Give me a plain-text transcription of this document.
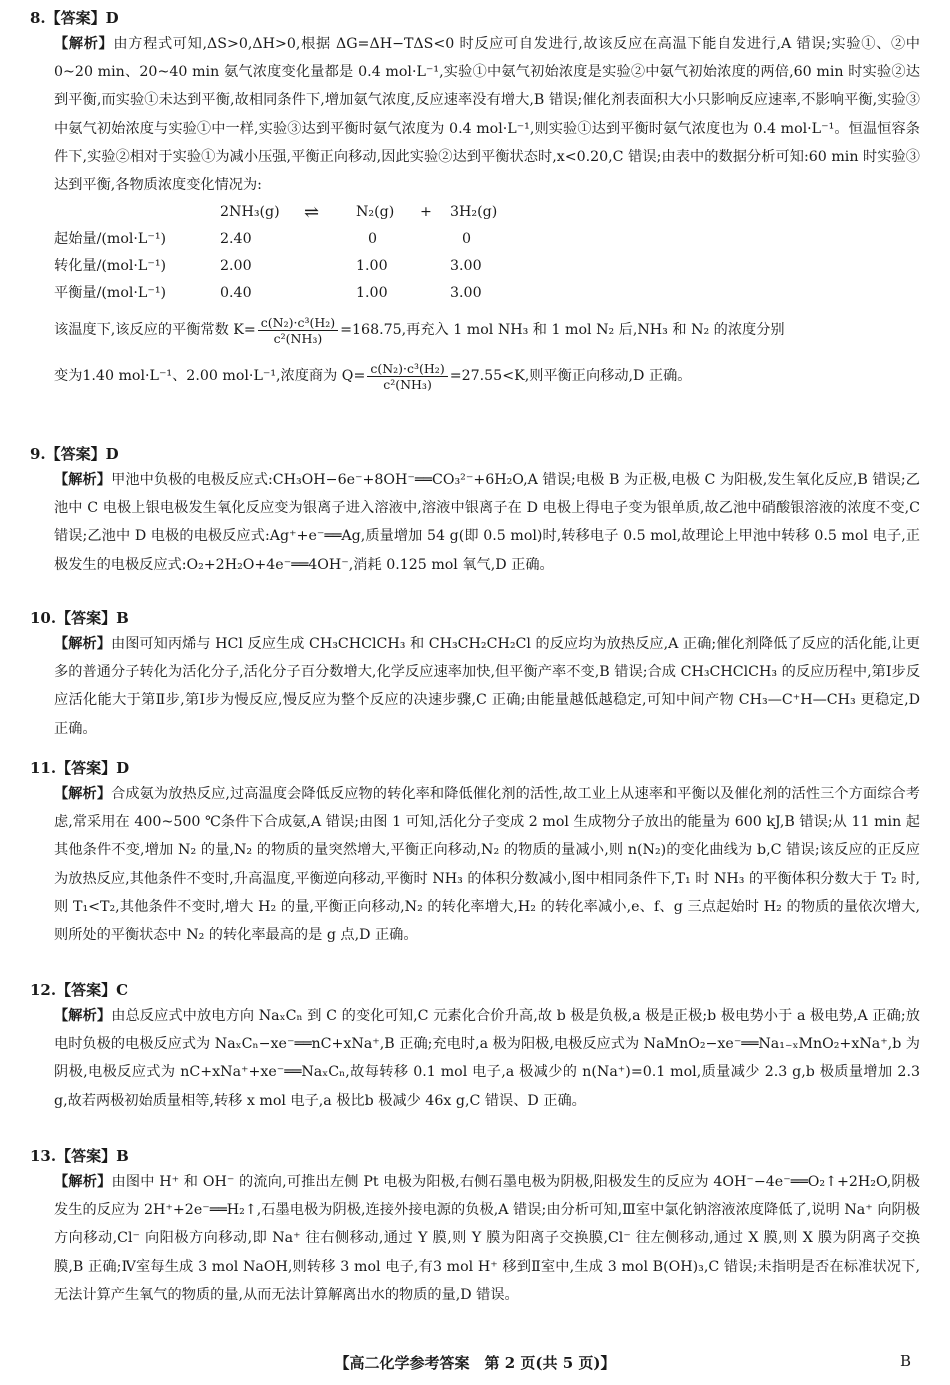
8.【答案】D
【解析】由方程式可知,ΔS>0,ΔH>0,根据 ΔG=ΔH−TΔS<0 时反应可自发进行,故该反应在高温下能自发进行,A 错误;实验①、②中 0~20 min、20~40 min 氨气浓度变化量都是 0.4 mol·L⁻¹,实验①中氨气初始浓度是实验②中氨气初始浓度的两倍,60 min 时实验②达到平衡,而实验①未达到平衡,故相同条件下,增加氨气浓度,反应速率没有增大,B 错误;催化剂表面积大小只影响反应速率,不影响平衡,实验③中氨气初始浓度与实验①中一样,实验③达到平衡时氨气浓度为 0.4 mol·L⁻¹,则实验①达到平衡时氨气浓度也为 0.4 mol·L⁻¹。恒温恒容条件下,实验②相对于实验①为减小压强,平衡正向移动,因此实验②达到平衡状态时,x<0.20,C 错误;由表中的数据分析可知:60 min 时实验③达到平衡,各物质浓度变化情况为:
2NH₃(g) ⇌	N₂(g) + 3H₂(g)
起始量/(mol·L⁻¹)	2.40	0	0
转化量/(mol·L⁻¹)	2.00	1.00	3.00
平衡量/(mol·L⁻¹)	0.40	1.00	3.00
该温度下,该反应的平衡常数 $K= \frac{\text{c(N₂)·c³(H₂)}}{\text{c²(NH₃)}} =168.75$,再充入 1 mol NH₃ 和 1 mol N₂ 后,NH₃ 和 N₂ 的浓度分别
变为1.40 mol·L⁻¹、2.00 mol·L⁻¹,浓度商为 $Q= \frac{\text{c(N₂)·c³(H₂)}}{\text{c²(NH₃)}} =27.55<K$,则平衡正向移动,D 正确。
9.【答案】D
【解析】甲池中负极的电极反应式:CH₃OH−6e⁻+8OH⁻══CO₃²⁻+6H₂O,A 错误;电极 B 为正极,电极 C 为阳极,发生氧化反应,B 错误;乙池中 C 电极上银电极发生氧化反应变为银离子进入溶液中,溶液中银离子在 D 电极上得电子变为银单质,故乙池中硝酸银溶液的浓度不变,C 错误;乙池中 D 电极的电极反应式:Ag⁺+e⁻══Ag,质量增加 54 g(即 0.5 mol)时,转移电子 0.5 mol,故理论上甲池中转移 0.5 mol 电子,正极发生的电极反应式:O₂+2H₂O+4e⁻══4OH⁻,消耗 0.125 mol 氧气,D 正确。
10.【答案】B
【解析】由图可知丙烯与 HCl 反应生成 CH₃CHClCH₃ 和 CH₃CH₂CH₂Cl 的反应均为放热反应,A 正确;催化剂降低了反应的活化能,让更多的普通分子转化为活化分子,活化分子百分数增大,化学反应速率加快,但平衡产率不变,B 错误;合成 CH₃CHClCH₃ 的反应历程中,第Ⅰ步反应活化能大于第Ⅱ步,第Ⅰ步为慢反应,慢反应为整个反应的决速步骤,C 正确;由能量越低越稳定,可知中间产物 CH₃—C⁺H—CH₃ 更稳定,D 正确。
11.【答案】D
【解析】合成氨为放热反应,过高温度会降低反应物的转化率和降低催化剂的活性,故工业上从速率和平衡以及催化剂的活性三个方面综合考虑,常采用在 400~500 ℃条件下合成氨,A 错误;由图 1 可知,活化分子变成 2 mol 生成物分子放出的能量为 600 kJ,B 错误;从 11 min 起其他条件不变,增加 N₂ 的量,N₂ 的物质的量突然增大,平衡正向移动,N₂ 的物质的量减小,则 n(N₂)的变化曲线为 b,C 错误;该反应的正反应为放热反应,其他条件不变时,升高温度,平衡逆向移动,平衡时 NH₃ 的体积分数减小,图中相同条件下,T₁ 时 NH₃ 的平衡体积分数大于 T₂ 时,则 T₁<T₂,其他条件不变时,增大 H₂ 的量,平衡正向移动,N₂ 的转化率增大,H₂ 的转化率减小,e、f、g 三点起始时 H₂ 的物质的量依次增大,则所处的平衡状态中 N₂ 的转化率最高的是 g 点,D 正确。
12.【答案】C
【解析】由总反应式中放电方向 NaₓCₙ 到 C 的变化可知,C 元素化合价升高,故 b 极是负极,a 极是正极;b 极电势小于 a 极电势,A 正确;放电时负极的电极反应式为 NaₓCₙ−xe⁻══nC+xNa⁺,B 正确;充电时,a 极为阳极,电极反应式为 NaMnO₂−xe⁻══Na₁₋ₓMnO₂+xNa⁺,b 为阴极,电极反应式为 nC+xNa⁺+xe⁻══NaₓCₙ,故每转移 0.1 mol 电子,a 极减少的 n(Na⁺)=0.1 mol,质量减少 2.3 g,b 极质量增加 2.3 g,故若两极初始质量相等,转移 x mol 电子,a 极比b 极减少 46x g,C 错误、D 正确。
13.【答案】B
【解析】由图中 H⁺ 和 OH⁻ 的流向,可推出左侧 Pt 电极为阳极,右侧石墨电极为阴极,阳极发生的反应为 4OH⁻−4e⁻══O₂↑+2H₂O,阴极发生的反应为 2H⁺+2e⁻══H₂↑,石墨电极为阴极,连接外接电源的负极,A 错误;由分析可知,Ⅲ室中氯化钠溶液浓度降低了,说明 Na⁺ 向阴极方向移动,Cl⁻ 向阳极方向移动,即 Na⁺ 往右侧移动,通过 Y 膜,则 Y 膜为阳离子交换膜,Cl⁻ 往左侧移动,通过 X 膜,则 X 膜为阴离子交换膜,B 正确;Ⅳ室每生成 3 mol NaOH,则转移 3 mol 电子,有3 mol H⁺ 移到Ⅱ室中,生成 3 mol B(OH)₃,C 错误;未指明是否在标准状况下,无法计算产生氧气的物质的量,从而无法计算解离出水的物质的量,D 错误。
【高二化学参考答案　第 2 页(共 5 页)】	B
